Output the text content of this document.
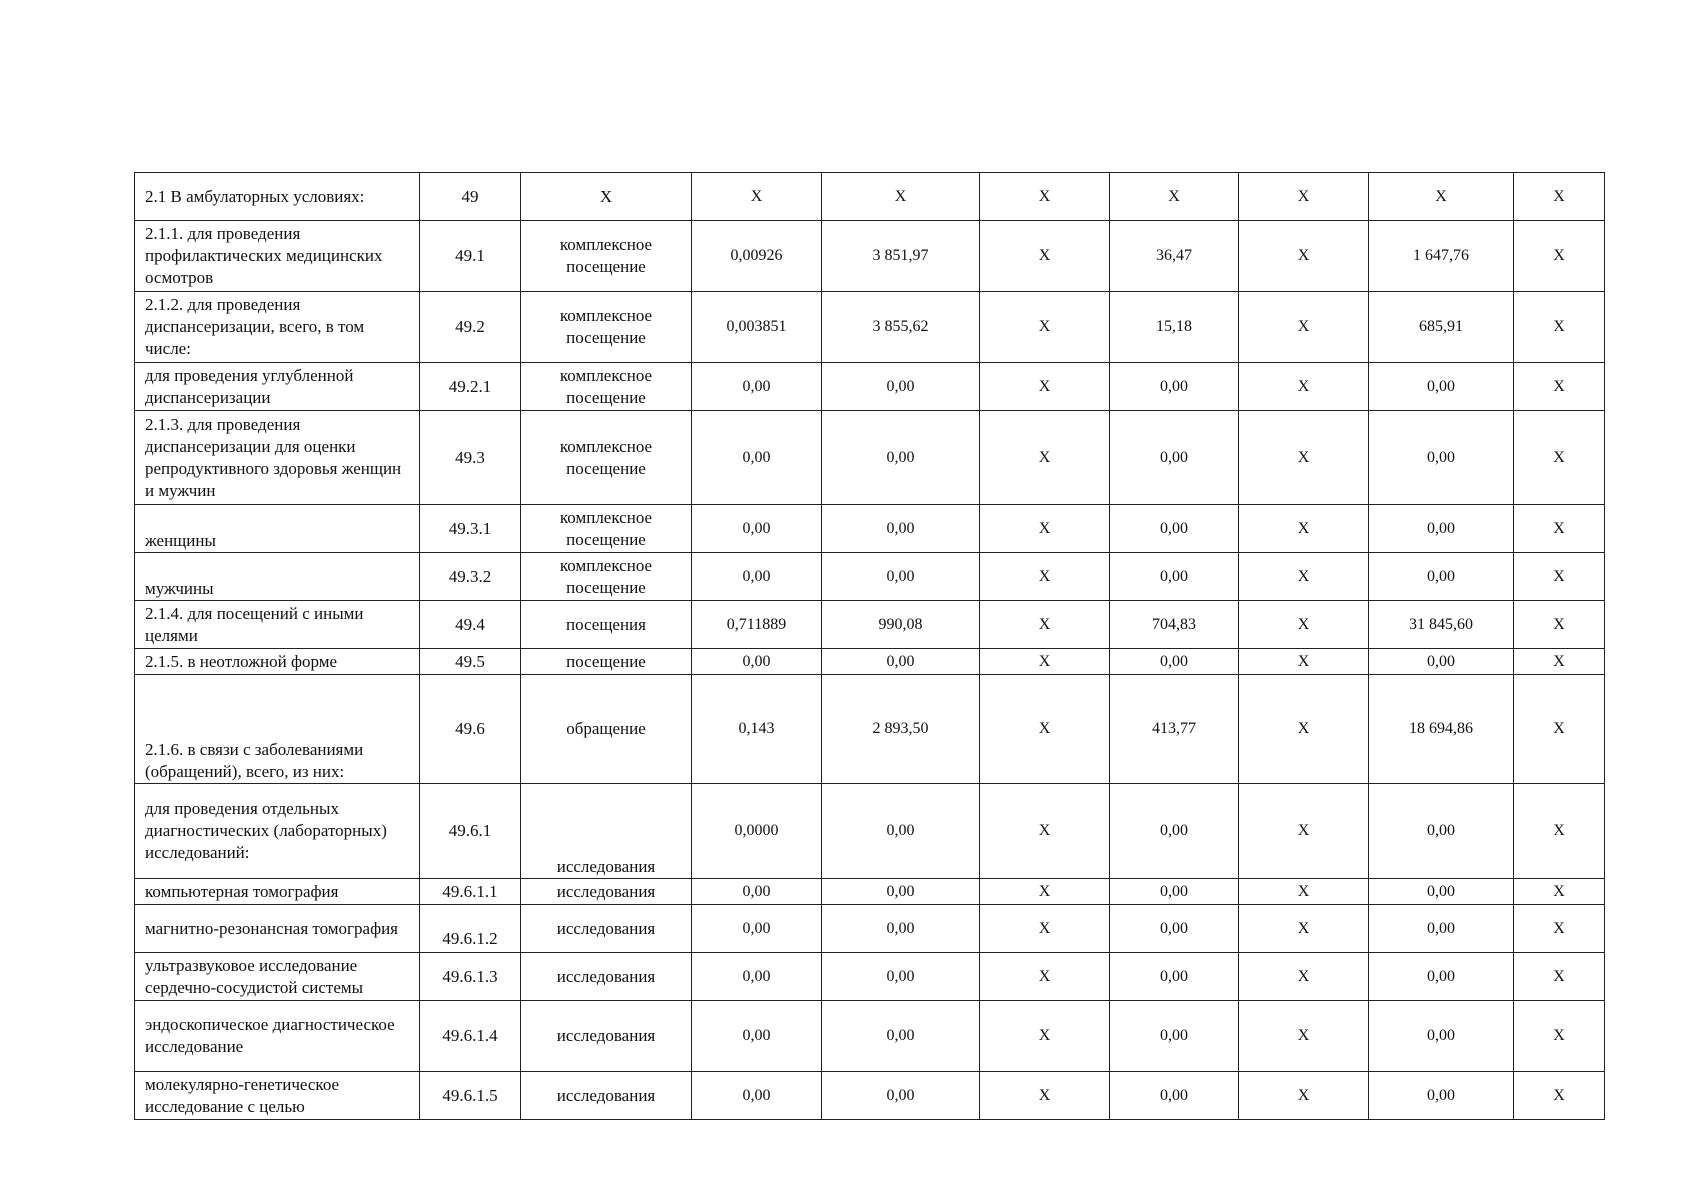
2.1 В амбулаторных условиях:	49	Х	Х	Х	Х	Х	Х	Х	Х
2.1.1. для проведения профилактических медицинских осмотров	49.1	комплексное посещение	0,00926	3 851,97	Х	36,47	Х	1 647,76	Х
2.1.2. для проведения диспансеризации, всего, в том числе:	49.2	комплексное посещение	0,003851	3 855,62	Х	15,18	Х	685,91	Х
для проведения углубленной диспансеризации	49.2.1	комплексное посещение	0,00	0,00	Х	0,00	Х	0,00	Х
2.1.3. для проведения диспансеризации для оценки репродуктивного здоровья женщин и мужчин	49.3	комплексное посещение	0,00	0,00	Х	0,00	Х	0,00	Х
женщины	49.3.1	комплексное посещение	0,00	0,00	Х	0,00	Х	0,00	Х
мужчины	49.3.2	комплексное посещение	0,00	0,00	Х	0,00	Х	0,00	Х
2.1.4. для посещений с иными целями	49.4	посещения	0,711889	990,08	Х	704,83	Х	31 845,60	Х
2.1.5. в неотложной форме	49.5	посещение	0,00	0,00	Х	0,00	Х	0,00	Х
2.1.6. в связи с заболеваниями (обращений), всего, из них:	49.6	обращение	0,143	2 893,50	Х	413,77	Х	18 694,86	Х
для проведения отдельных диагностических (лабораторных) исследований:	49.6.1	исследования	0,0000	0,00	Х	0,00	Х	0,00	Х
компьютерная томография	49.6.1.1	исследования	0,00	0,00	Х	0,00	Х	0,00	Х
магнитно-резонансная томография	49.6.1.2	исследования	0,00	0,00	Х	0,00	Х	0,00	Х
ультразвуковое исследование сердечно-сосудистой системы	49.6.1.3	исследования	0,00	0,00	Х	0,00	Х	0,00	Х
эндоскопическое диагностическое исследование	49.6.1.4	исследования	0,00	0,00	Х	0,00	Х	0,00	Х
молекулярно-генетическое исследование с целью	49.6.1.5	исследования	0,00	0,00	Х	0,00	Х	0,00	Х
